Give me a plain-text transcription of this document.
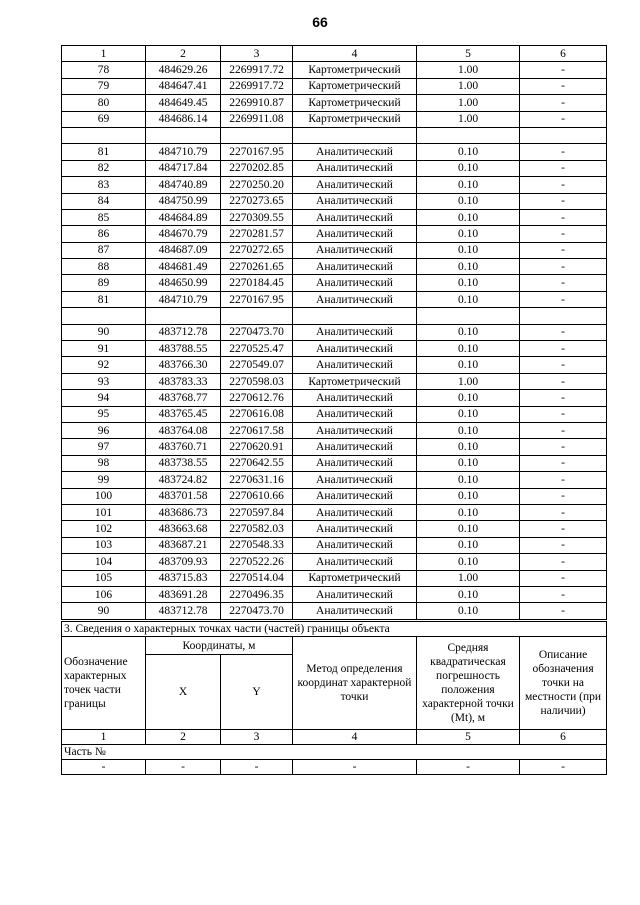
66
1	2	3	4	5	6
78	484629.26	2269917.72	Картометрический	1.00	-
79	484647.41	2269917.72	Картометрический	1.00	-
80	484649.45	2269910.87	Картометрический	1.00	-
69	484686.14	2269911.08	Картометрический	1.00	-

81	484710.79	2270167.95	Аналитический	0.10	-
82	484717.84	2270202.85	Аналитический	0.10	-
83	484740.89	2270250.20	Аналитический	0.10	-
84	484750.99	2270273.65	Аналитический	0.10	-
85	484684.89	2270309.55	Аналитический	0.10	-
86	484670.79	2270281.57	Аналитический	0.10	-
87	484687.09	2270272.65	Аналитический	0.10	-
88	484681.49	2270261.65	Аналитический	0.10	-
89	484650.99	2270184.45	Аналитический	0.10	-
81	484710.79	2270167.95	Аналитический	0.10	-

90	483712.78	2270473.70	Аналитический	0.10	-
91	483788.55	2270525.47	Аналитический	0.10	-
92	483766.30	2270549.07	Аналитический	0.10	-
93	483783.33	2270598.03	Картометрический	1.00	-
94	483768.77	2270612.76	Аналитический	0.10	-
95	483765.45	2270616.08	Аналитический	0.10	-
96	483764.08	2270617.58	Аналитический	0.10	-
97	483760.71	2270620.91	Аналитический	0.10	-
98	483738.55	2270642.55	Аналитический	0.10	-
99	483724.82	2270631.16	Аналитический	0.10	-
100	483701.58	2270610.66	Аналитический	0.10	-
101	483686.73	2270597.84	Аналитический	0.10	-
102	483663.68	2270582.03	Аналитический	0.10	-
103	483687.21	2270548.33	Аналитический	0.10	-
104	483709.93	2270522.26	Аналитический	0.10	-
105	483715.83	2270514.04	Картометрический	1.00	-
106	483691.28	2270496.35	Аналитический	0.10	-
90	483712.78	2270473.70	Аналитический	0.10	-
3. Сведения о характерных точках части (частей) границы объекта					
Обозначение характерных точек части границы	Координаты, м		Метод определения координат характерной точки	Средняя квадратическая погрешность положения характерной точки (Mt), м	Описание обозначения точки на местности (при наличии)
	X	Y			
1	2	3	4	5	6
Часть №					
-	-	-	-	-	-
